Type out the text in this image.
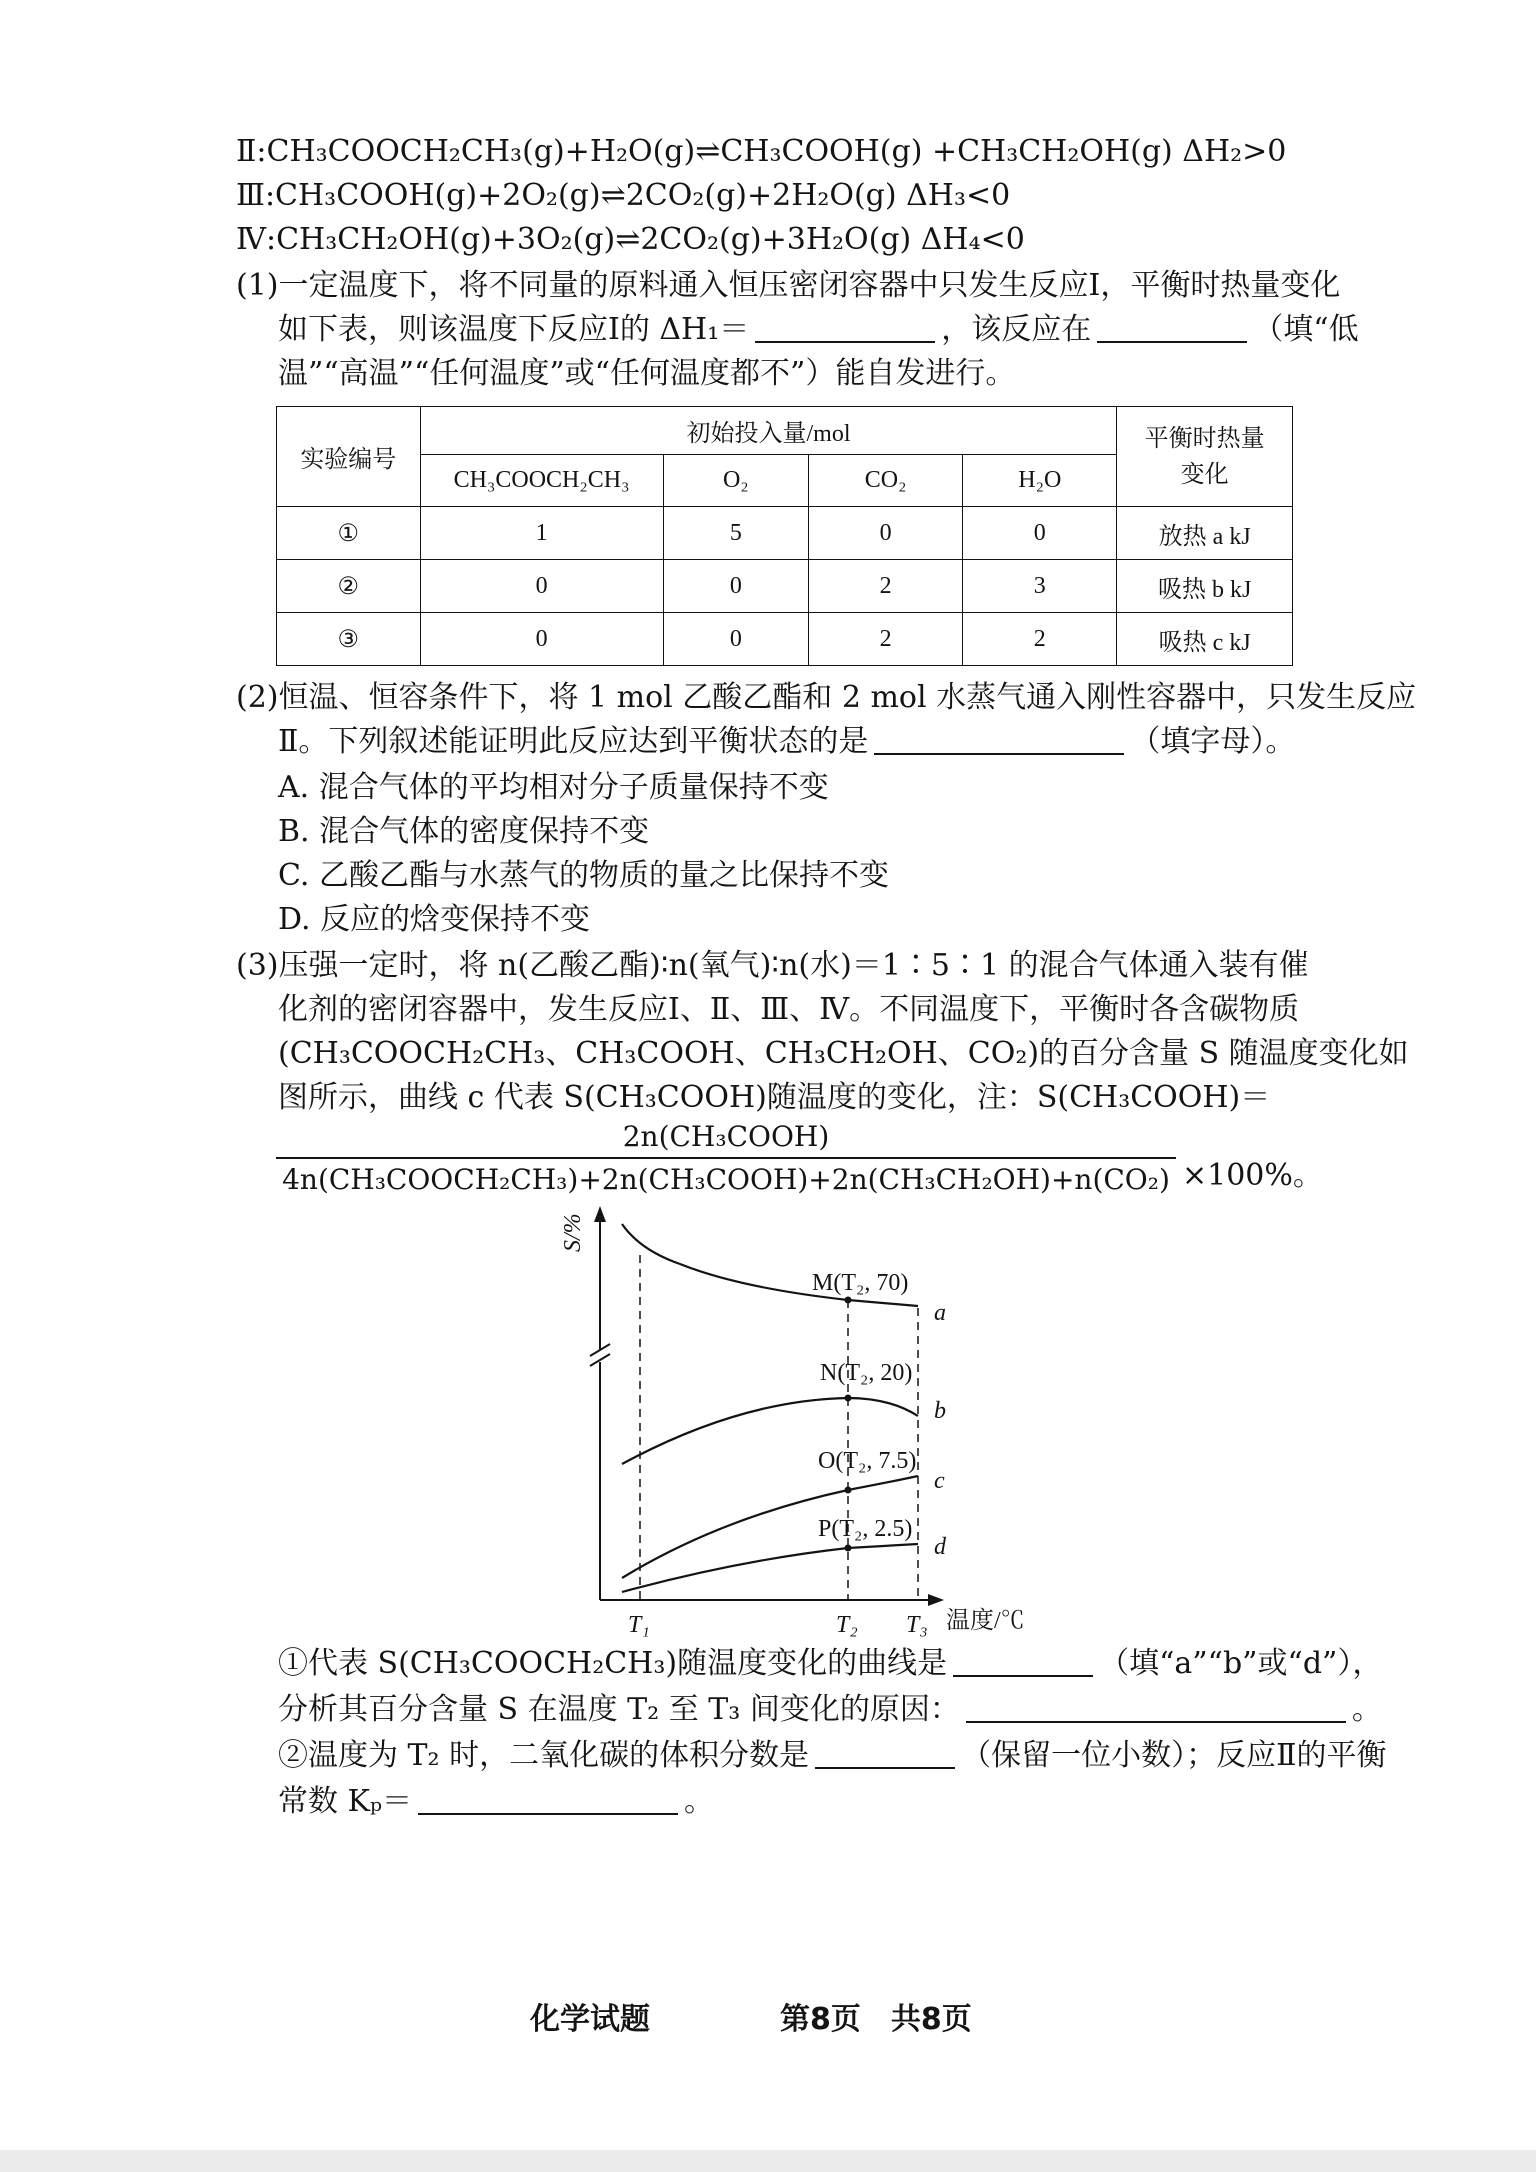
Ⅱ:CH₃COOCH₂CH₃(g)+H₂O(g)⇌CH₃COOH(g) +CH₃CH₂OH(g) ΔH₂>0
Ⅲ:CH₃COOH(g)+2O₂(g)⇌2CO₂(g)+2H₂O(g) ΔH₃<0
Ⅳ:CH₃CH₂OH(g)+3O₂(g)⇌2CO₂(g)+3H₂O(g) ΔH₄<0
(1)一定温度下，将不同量的原料通入恒压密闭容器中只发生反应Ⅰ，平衡时热量变化
如下表，则该温度下反应Ⅰ的 ΔH₁＝	，该反应在	（填“低
温”“高温”“任何温度”或“任何温度都不”）能自发进行。
实验编号	初始投入量/mol				平衡时热量变化
	CH₃COOCH₂CH₃	O₂	CO₂	H₂O	
①	1	5	0	0	放热 a kJ
②	0	0	2	3	吸热 b kJ
③	0	0	2	2	吸热 c kJ
(2)恒温、恒容条件下，将 1 mol 乙酸乙酯和 2 mol 水蒸气通入刚性容器中，只发生反应
Ⅱ。下列叙述能证明此反应达到平衡状态的是	（填字母）。
A. 混合气体的平均相对分子质量保持不变
B. 混合气体的密度保持不变
C. 乙酸乙酯与水蒸气的物质的量之比保持不变
D. 反应的焓变保持不变
(3)压强一定时，将 n(乙酸乙酯)∶n(氧气)∶n(水)＝1∶5∶1 的混合气体通入装有催
化剂的密闭容器中，发生反应Ⅰ、Ⅱ、Ⅲ、Ⅳ。不同温度下，平衡时各含碳物质
(CH₃COOCH₂CH₃、CH₃COOH、CH₃CH₂OH、CO₂)的百分含量 S 随温度变化如
图所示，曲线 c 代表 S(CH₃COOH)随温度的变化，注：S(CH₃COOH)＝
2n(CH₃COOH)
4n(CH₃COOCH₂CH₃)+2n(CH₃COOH)+2n(CH₃CH₂OH)+n(CO₂) ×100%。
S/%
M(T₂, 70)
N(T₂, 20)
O(T₂, 7.5)
P(T₂, 2.5)
a
b
c
d
T₁	T₂ T₃ 温度/℃
①代表 S(CH₃COOCH₂CH₃)随温度变化的曲线是	（填“a”“b”或“d”），
分析其百分含量 S 在温度 T₂ 至 T₃ 间变化的原因：	。
②温度为 T₂ 时，二氧化碳的体积分数是	（保留一位小数）；反应Ⅱ的平衡
常数 Kₚ＝	。
化学试题	第8页　共8页
